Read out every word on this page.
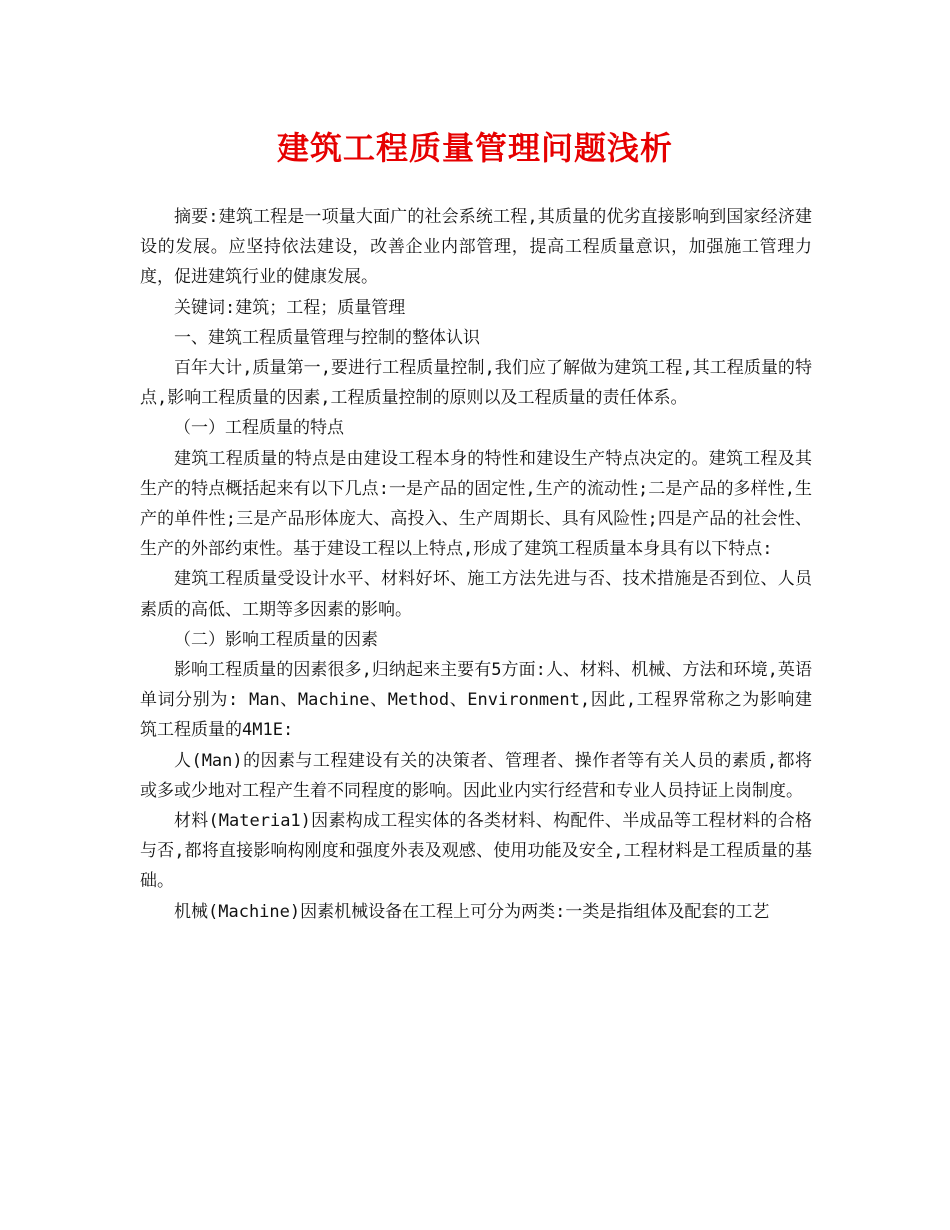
建筑工程质量管理问题浅析

摘要:建筑工程是一项量大面广的社会系统工程,其质量的优劣直接影响到国家经济建设的发展。应坚持依法建设，改善企业内部管理，提高工程质量意识，加强施工管理力度，促进建筑行业的健康发展。

关键词:建筑；工程；质量管理

一、建筑工程质量管理与控制的整体认识

百年大计,质量第一,要进行工程质量控制,我们应了解做为建筑工程,其工程质量的特点,影响工程质量的因素,工程质量控制的原则以及工程质量的责任体系。

（一）工程质量的特点

建筑工程质量的特点是由建设工程本身的特性和建设生产特点决定的。建筑工程及其生产的特点概括起来有以下几点:一是产品的固定性,生产的流动性;二是产品的多样性,生产的单件性;三是产品形体庞大、高投入、生产周期长、具有风险性;四是产品的社会性、生产的外部约束性。基于建设工程以上特点,形成了建筑工程质量本身具有以下特点:

建筑工程质量受设计水平、材料好坏、施工方法先进与否、技术措施是否到位、人员素质的高低、工期等多因素的影响。

（二）影响工程质量的因素

影响工程质量的因素很多,归纳起来主要有5方面:人、材料、机械、方法和环境,英语单词分别为: Man、Machine、Method、Environment,因此,工程界常称之为影响建筑工程质量的4M1E:

人(Man)的因素与工程建设有关的决策者、管理者、操作者等有关人员的素质,都将或多或少地对工程产生着不同程度的影响。因此业内实行经营和专业人员持证上岗制度。

材料(Materia1)因素构成工程实体的各类材料、构配件、半成品等工程材料的合格与否,都将直接影响构刚度和强度外表及观感、使用功能及安全,工程材料是工程质量的基础。

机械(Machine)因素机械设备在工程上可分为两类:一类是指组体及配套的工艺
